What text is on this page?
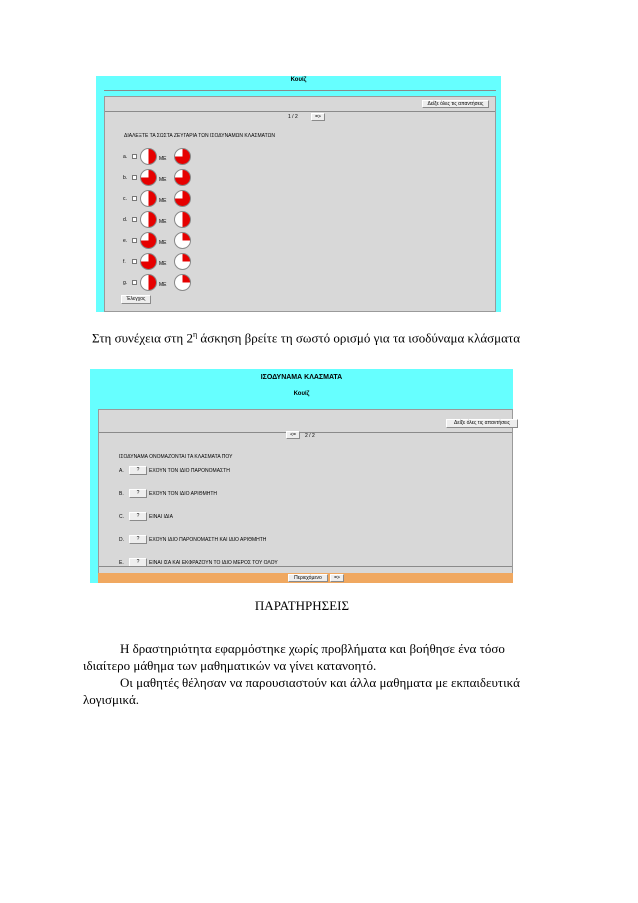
Κουίζ
Δείξε όλες τις απαντήσεις
1 / 2	=>
ΔΙΑΛΕΞΤΕ ΤΑ ΣΩΣΤΑ ΖΕΥΓΑΡΙΑ ΤΩΝ ΙΣΟΔΥΝΑΜΩΝ ΚΛΑΣΜΑΤΩΝ
a.	ΜΕ
b.	ΜΕ
c.	ΜΕ
d.	ΜΕ
e.	ΜΕ
f.	ΜΕ
g.	ΜΕ
Έλεγχος
Στη συνέχεια στη $2^\eta$ άσκηση βρείτε τη σωστό ορισμό για τα ισοδύναμα κλάσματα
ΙΣΟΔΥΝΑΜΑ ΚΛΑΣΜΑΤΑ
Κουίζ
Δείξε όλες τις απαντήσεις
<=	2 / 2
ΙΣΟΔΥΝΑΜΑ ΟΝΟΜΑΖΟΝΤΑΙ ΤΑ ΚΛΑΣΜΑΤΑ ΠΟΥ
A.	?	ΕΧΟΥΝ ΤΟΝ ΙΔΙΟ ΠΑΡΟΝΟΜΑΣΤΗ
B.	?	ΕΧΟΥΝ ΤΟΝ ΙΔΙΟ ΑΡΙΘΜΗΤΗ
C.	?	ΕΙΝΑΙ ΙΔΙΑ
D.	?	ΕΧΟΥΝ ΙΔΙΟ ΠΑΡΟΝΟΜΑΣΤΗ ΚΑΙ ΙΔΙΟ ΑΡΙΘΜΗΤΗ
E.	?	ΕΙΝΑΙ ΙΣΑ ΚΑΙ ΕΚΦΡΑΖΟΥΝ ΤΟ ΙΔΙΟ ΜΕΡΟΣ ΤΟΥ ΟΛΟΥ
Περιεχόμενο	=>
ΠΑΡΑΤΗΡΗΣΕΙΣ
Η δραστηριότητα εφαρμόστηκε χωρίς προβλήματα και βοήθησε ένα τόσο
ιδιαίτερο μάθημα των μαθηματικών να γίνει κατανοητό.
Οι μαθητές θέλησαν να παρουσιαστούν και άλλα μαθηματα με εκπαιδευτικά
λογισμικά.
